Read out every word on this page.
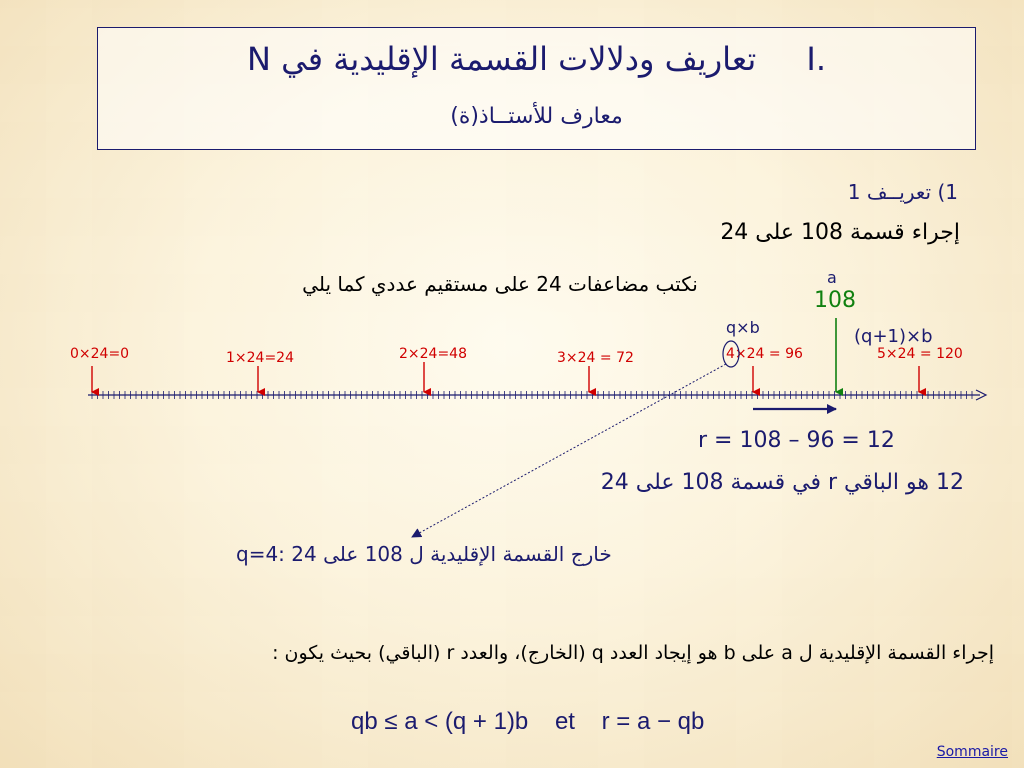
تعاريف ودلالات القسمة الإقليدية في N I.
معارف للأستــاذ(ة)
1) تعريــف 1
إجراء قسمة 108 على 24
نكتب مضاعفات 24 على مستقيم عددي كما يلي	a
108
q×b	(q+1)×b
0×24=0	1×24=24	2×24=48	3×24 = 72	4×24 = 96	5×24 = 120
r = 108 – 96 = 12
12 هو الباقي r في قسمة 108 على 24
q=4: خارج القسمة الإقليدية ل 108 على 24
إجراء القسمة الإقليدية ل a على b هو إيجاد العدد q (الخارج)، والعدد r (الباقي) بحيث يكون :
qb ≤ a < (q + 1)b    et    r = a − qb
Sommaire
